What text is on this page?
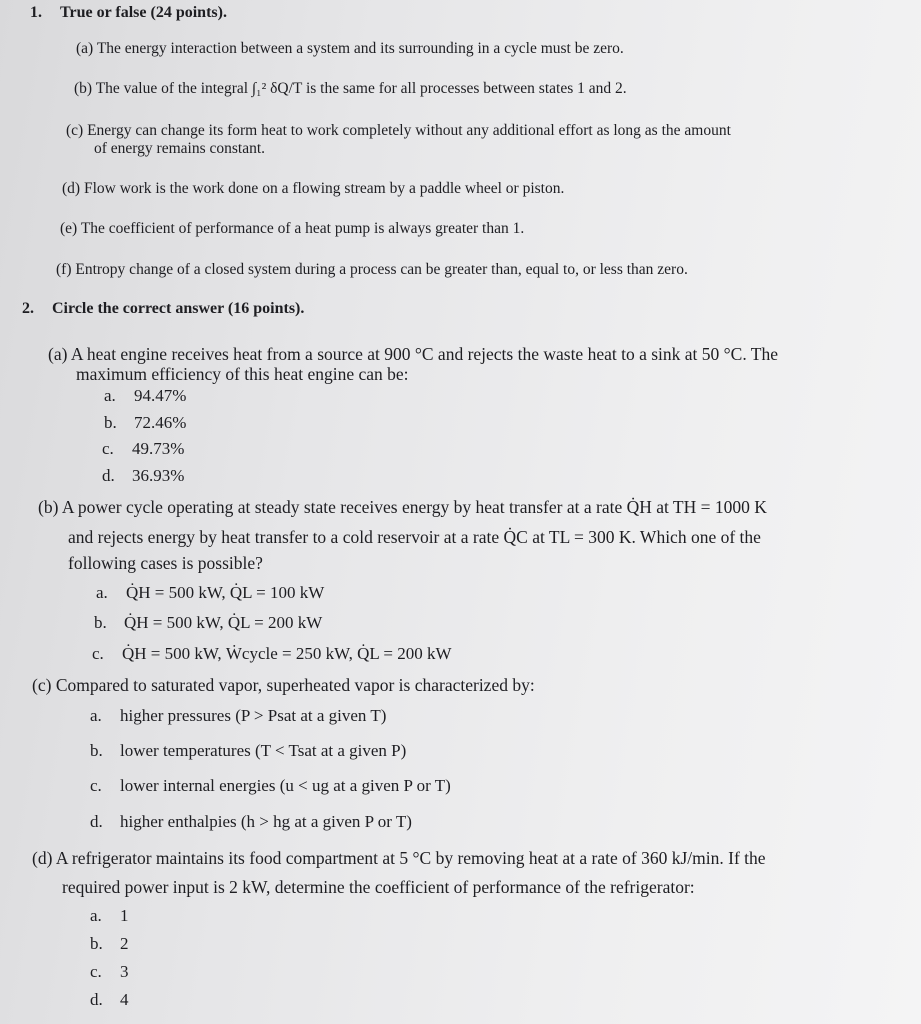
1. True or false (24 points).
(a) The energy interaction between a system and its surrounding in a cycle must be zero.
(b) The value of the integral ∫₁² δQ/T is the same for all processes between states 1 and 2.
(c) Energy can change its form heat to work completely without any additional effort as long as the amount
of energy remains constant.
(d) Flow work is the work done on a flowing stream by a paddle wheel or piston.
(e) The coefficient of performance of a heat pump is always greater than 1.
(f) Entropy change of a closed system during a process can be greater than, equal to, or less than zero.
2. Circle the correct answer (16 points).
(a) A heat engine receives heat from a source at 900 °C and rejects the waste heat to a sink at 50 °C. The
maximum efficiency of this heat engine can be:
a. 94.47%
b. 72.46%
c. 49.73%
d. 36.93%
(b) A power cycle operating at steady state receives energy by heat transfer at a rate Q̇H at TH = 1000 K
and rejects energy by heat transfer to a cold reservoir at a rate Q̇C at TL = 300 K. Which one of the
following cases is possible?
a. Q̇H = 500 kW, Q̇L = 100 kW
b. Q̇H = 500 kW, Q̇L = 200 kW
c. Q̇H = 500 kW, Ẇcycle = 250 kW, Q̇L = 200 kW
(c) Compared to saturated vapor, superheated vapor is characterized by:
a. higher pressures (P > Psat at a given T)
b. lower temperatures (T < Tsat at a given P)
c. lower internal energies (u < ug at a given P or T)
d. higher enthalpies (h > hg at a given P or T)
(d) A refrigerator maintains its food compartment at 5 °C by removing heat at a rate of 360 kJ/min. If the
required power input is 2 kW, determine the coefficient of performance of the refrigerator:
a. 1
b. 2
c. 3
d. 4
